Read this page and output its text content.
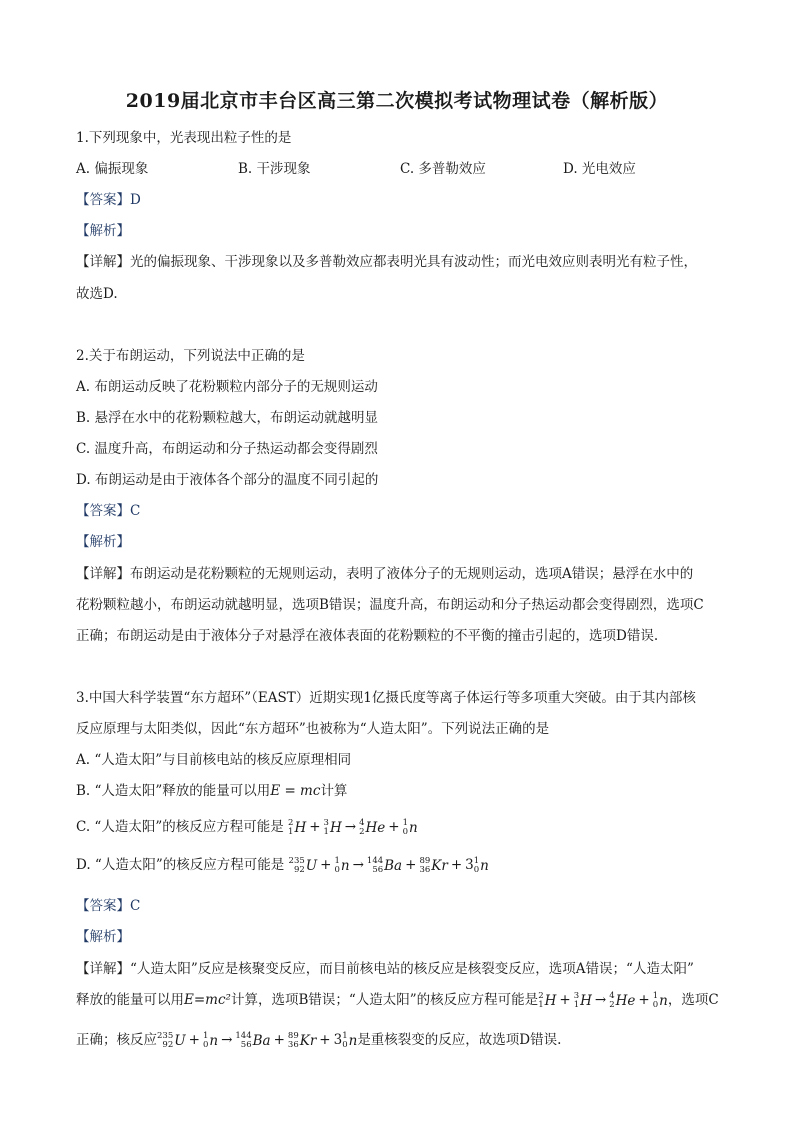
2019届北京市丰台区高三第二次模拟考试物理试卷（解析版）
1.下列现象中，光表现出粒子性的是
A. 偏振现象	B. 干涉现象	C. 多普勒效应	D. 光电效应
【答案】D
【解析】
【详解】光的偏振现象、干涉现象以及多普勒效应都表明光具有波动性；而光电效应则表明光有粒子性，
故选D.
2.关于布朗运动，下列说法中正确的是
A. 布朗运动反映了花粉颗粒内部分子的无规则运动
B. 悬浮在水中的花粉颗粒越大，布朗运动就越明显
C. 温度升高，布朗运动和分子热运动都会变得剧烈
D. 布朗运动是由于液体各个部分的温度不同引起的
【答案】C
【解析】
【详解】布朗运动是花粉颗粒的无规则运动，表明了液体分子的无规则运动，选项A错误；悬浮在水中的
花粉颗粒越小，布朗运动就越明显，选项B错误；温度升高，布朗运动和分子热运动都会变得剧烈，选项C
正确；布朗运动是由于液体分子对悬浮在液体表面的花粉颗粒的不平衡的撞击引起的，选项D错误.
3.中国大科学装置“东方超环”（EAST）近期实现1亿摄氏度等离子体运行等多项重大突破。由于其内部核
反应原理与太阳类似，因此“东方超环”也被称为“人造太阳”。下列说法正确的是
A. “人造太阳”与目前核电站的核反应原理相同
B. “人造太阳”释放的能量可以用E = mc计算
C. “人造太阳”的核反应方程可能是 2
1 H + 3
1 H → 4
2 He + 1
0 n
D. “人造太阳”的核反应方程可能是 235
92 U + 1
0 n → 144
56 Ba + 89
36 Kr + 3 1
0 n
【答案】C
【解析】
【详解】“人造太阳”反应是核聚变反应，而目前核电站的核反应是核裂变反应，选项A错误；“人造太阳”
释放的能量可以用E=mc²计算，选项B错误；“人造太阳”的核反应方程可能是 2
1 H + 3
1 H → 4
2 He + 1
0 n，选项C
正确；核反应 235
92 U + 1
0 n → 144
56 Ba + 89
36 Kr + 3 1
0 n是重核裂变的反应，故选项D错误.
